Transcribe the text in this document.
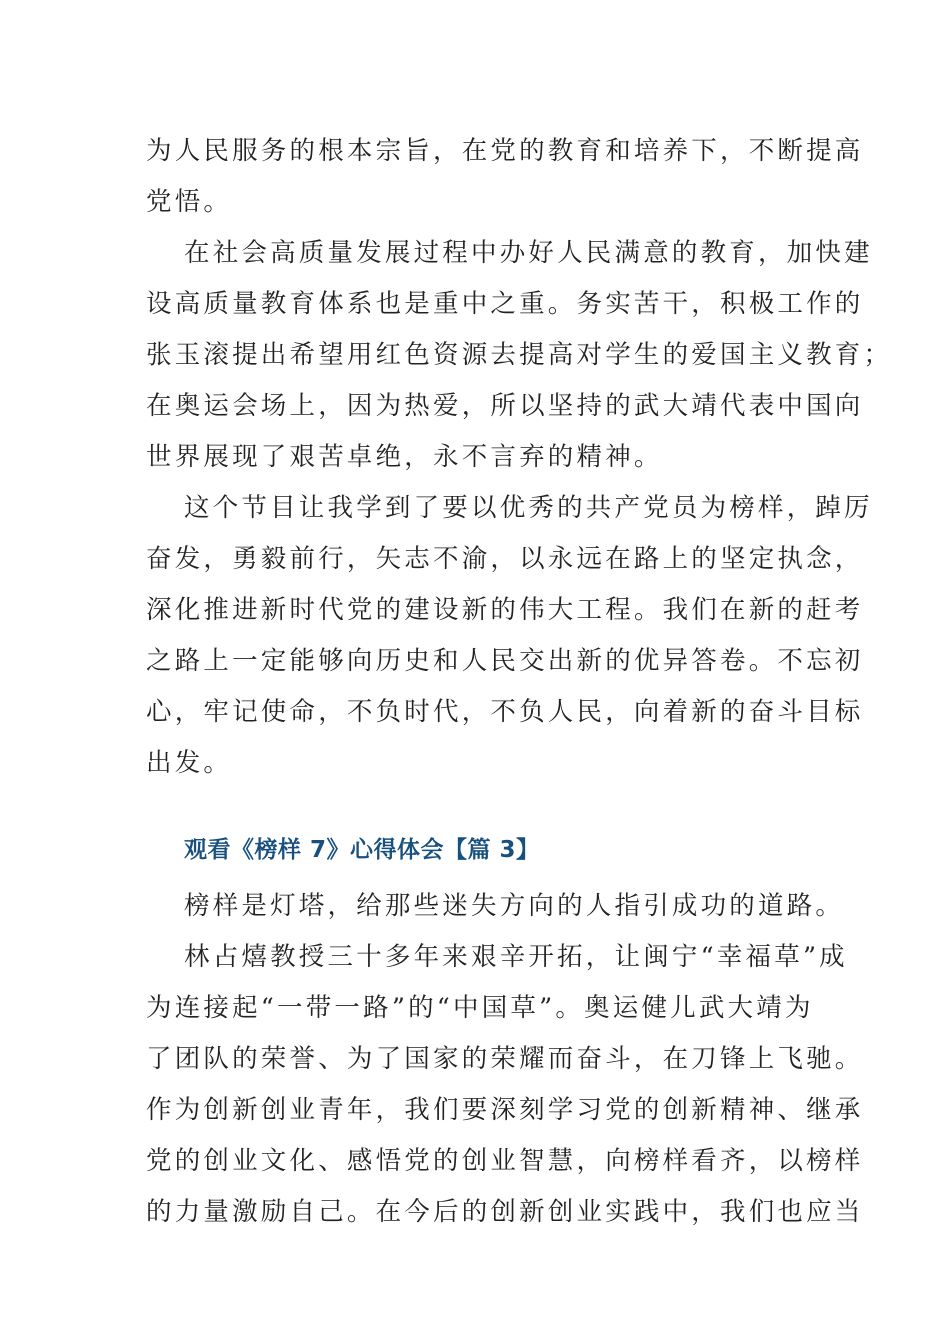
为人民服务的根本宗旨，在党的教育和培养下，不断提高
党悟。
在社会高质量发展过程中办好人民满意的教育，加快建
设高质量教育体系也是重中之重。务实苦干，积极工作的
张玉滚提出希望用红色资源去提高对学生的爱国主义教育；
在奥运会场上，因为热爱，所以坚持的武大靖代表中国向
世界展现了艰苦卓绝，永不言弃的精神。
这个节目让我学到了要以优秀的共产党员为榜样，踔厉
奋发，勇毅前行，矢志不渝，以永远在路上的坚定执念，
深化推进新时代党的建设新的伟大工程。我们在新的赶考
之路上一定能够向历史和人民交出新的优异答卷。不忘初
心，牢记使命，不负时代，不负人民，向着新的奋斗目标
出发。
观看《榜样 7》心得体会【篇 3】
榜样是灯塔，给那些迷失方向的人指引成功的道路。
林占熺教授三十多年来艰辛开拓，让闽宁“幸福草”成
为连接起“一带一路”的“中国草”。奥运健儿武大靖为
了团队的荣誉、为了国家的荣耀而奋斗，在刀锋上飞驰。
作为创新创业青年，我们要深刻学习党的创新精神、继承
党的创业文化、感悟党的创业智慧，向榜样看齐，以榜样
的力量激励自己。在今后的创新创业实践中，我们也应当
